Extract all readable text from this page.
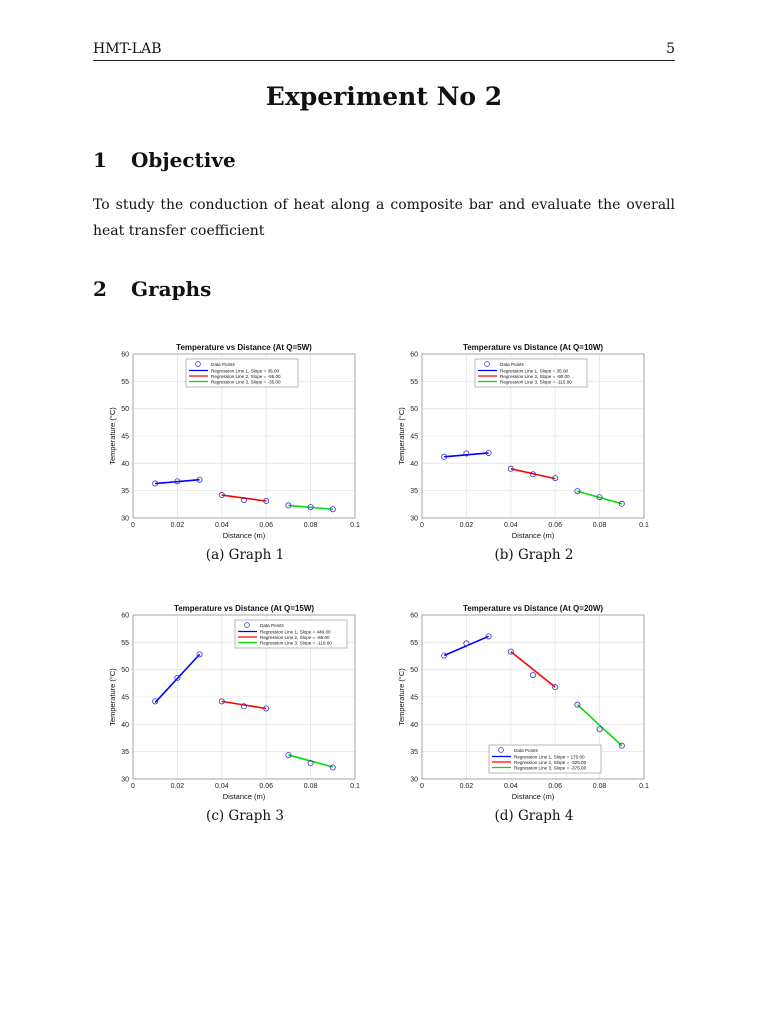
HMT-LAB	5
Experiment No 2
1 Objective
To study the conduction of heat along a composite bar and evaluate the overall heat transfer coefficient
2 Graphs
0	0.02	0.04	0.06	0.08	0.1
30
35
40
45
50
55
60
Temperature vs Distance (At Q=5W)
Distance (m)
Temperature (°C)
Data Points
Regression Line 1, Slope = 35.00
Regression Line 2, Slope = -55.00
Regression Line 3, Slope = -35.00
(a) Graph 1
0	0.02	0.04	0.06	0.08	0.1
30
35
40
45
50
55
60
Temperature vs Distance (At Q=10W)
Distance (m)
Temperature (°C)
Data Points
Regression Line 1, Slope = 35.00
Regression Line 2, Slope = -90.00
Regression Line 3, Slope = -115.00
(b) Graph 2
0	0.02	0.04	0.06	0.08	0.1
30
35
40
45
50
55
60
Temperature vs Distance (At Q=15W)
Distance (m)
Temperature (°C)
Data Points
Regression Line 1, Slope = 440.00
Regression Line 2, Slope = -65.00
Regression Line 3, Slope = -110.00
(c) Graph 3
0	0.02	0.04	0.06	0.08	0.1
30
35
40
45
50
55
60
Temperature vs Distance (At Q=20W)
Distance (m)
Temperature (°C)
Data Points
Regression Line 1, Slope = 175.00
Regression Line 2, Slope = -325.00
Regression Line 3, Slope = -375.00
(d) Graph 4
